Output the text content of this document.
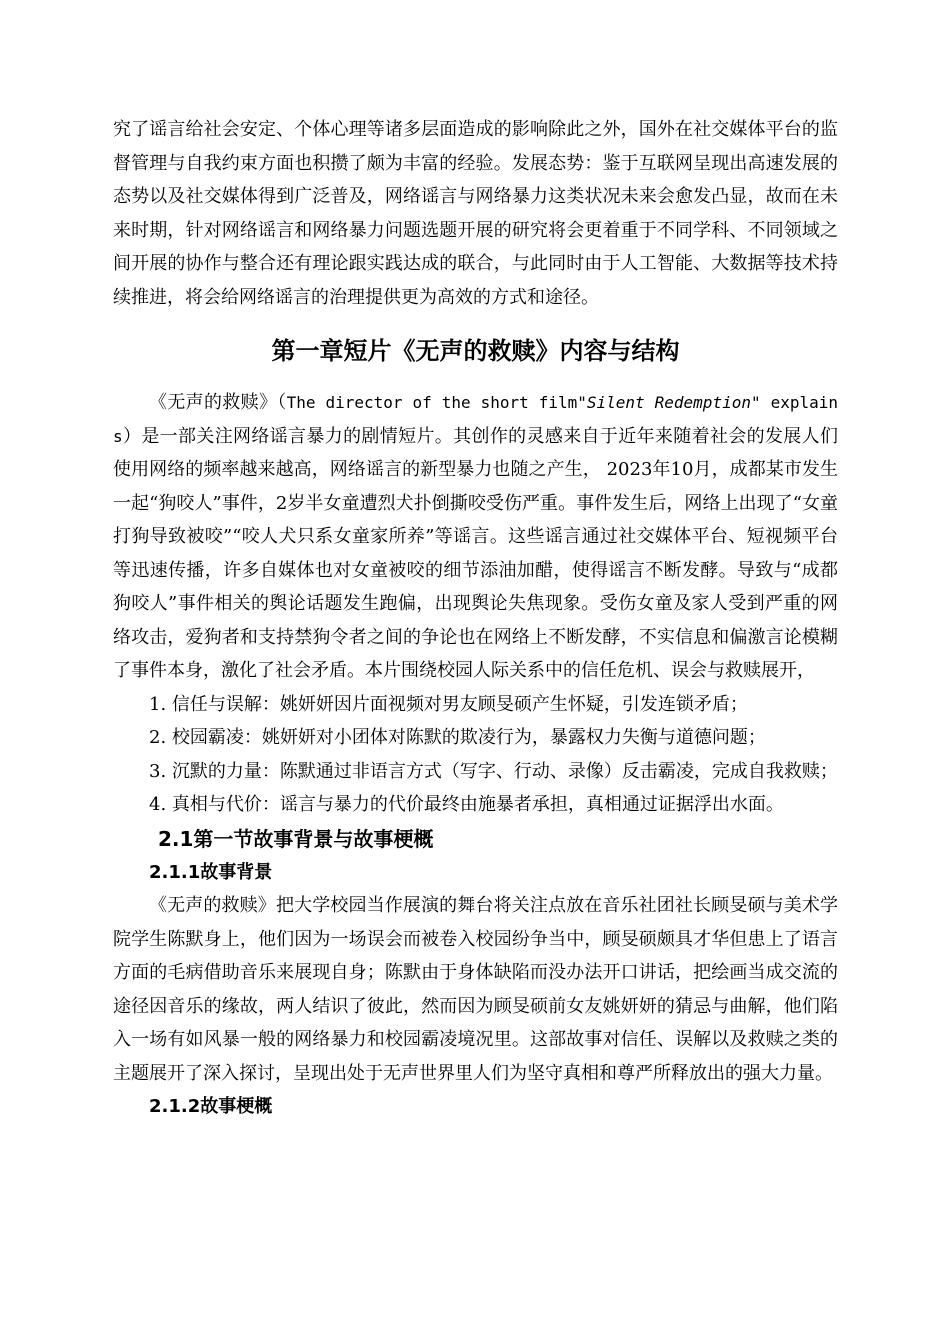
究了谣言给社会安定、个体心理等诸多层面造成的影响除此之外，国外在社交媒体平台的监督管理与自我约束方面也积攒了颇为丰富的经验。发展态势：鉴于互联网呈现出高速发展的态势以及社交媒体得到广泛普及，网络谣言与网络暴力这类状况未来会愈发凸显，故而在未来时期，针对网络谣言和网络暴力问题选题开展的研究将会更着重于不同学科、不同领域之间开展的协作与整合还有理论跟实践达成的联合，与此同时由于人工智能、大数据等技术持续推进，将会给网络谣言的治理提供更为高效的方式和途径。

第一章短片《无声的救赎》内容与结构

《无声的救赎》（The director of the short film"Silent Redemption" explains）是一部关注网络谣言暴力的剧情短片。其创作的灵感来自于近年来随着社会的发展人们使用网络的频率越来越高，网络谣言的新型暴力也随之产生， 2023年10月，成都某市发生一起“狗咬人”事件，2岁半女童遭烈犬扑倒撕咬受伤严重。事件发生后，网络上出现了“女童打狗导致被咬”“咬人犬只系女童家所养”等谣言。这些谣言通过社交媒体平台、短视频平台等迅速传播，许多自媒体也对女童被咬的细节添油加醋，使得谣言不断发酵。导致与“成都狗咬人”事件相关的舆论话题发生跑偏，出现舆论失焦现象。受伤女童及家人受到严重的网络攻击，爱狗者和支持禁狗令者之间的争论也在网络上不断发酵，不实信息和偏激言论模糊了事件本身，激化了社会矛盾。本片围绕校园人际关系中的信任危机、误会与救赎展开，

1. 信任与误解：姚妍妍因片面视频对男友顾旻硕产生怀疑，引发连锁矛盾；

2. 校园霸凌：姚妍妍对小团体对陈默的欺凌行为，暴露权力失衡与道德问题；

3. 沉默的力量：陈默通过非语言方式（写字、行动、录像）反击霸凌，完成自我救赎；

4. 真相与代价：谣言与暴力的代价最终由施暴者承担，真相通过证据浮出水面。

2.1第一节故事背景与故事梗概
2.1.1故事背景

《无声的救赎》把大学校园当作展演的舞台将关注点放在音乐社团社长顾旻硕与美术学院学生陈默身上，他们因为一场误会而被卷入校园纷争当中，顾旻硕颇具才华但患上了语言方面的毛病借助音乐来展现自身；陈默由于身体缺陷而没办法开口讲话，把绘画当成交流的途径因音乐的缘故，两人结识了彼此，然而因为顾旻硕前女友姚妍妍的猜忌与曲解，他们陷入一场有如风暴一般的网络暴力和校园霸凌境况里。这部故事对信任、误解以及救赎之类的主题展开了深入探讨，呈现出处于无声世界里人们为坚守真相和尊严所释放出的强大力量。

2.1.2故事梗概
